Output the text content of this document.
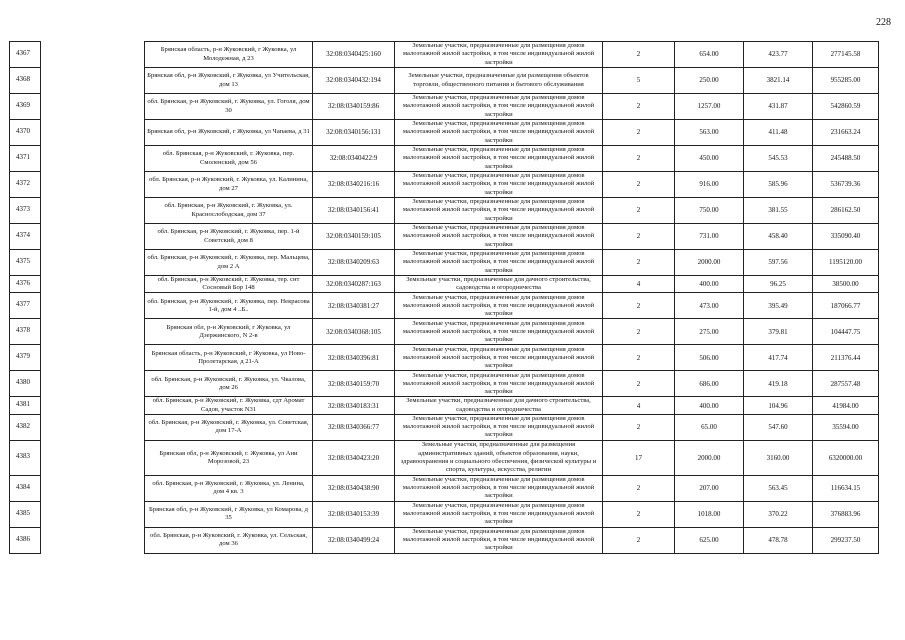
228
4367		Брянская область, р-н Жуковский, г Жуковка, ул Молодежная, д 23	32:08:0340425:160	Земельные участки, предназначенные для размещения домов малоэтажной жилой застройки, в том числе индивидуальной жилой застройки	2	654.00	423.77	277145.58

4368		Брянская обл, р-н Жуковский, г Жуковка, ул Учительская, дом 13	32:08:0340432:194	Земельные участки, предназначенные для размещения объектов торговли, общественного питания и бытового обслуживания	5	250.00	3821.14	955285.00

4369		обл. Брянская, р-н Жуковский, г. Жуковка, ул. Гоголя, дом 30	32:08:0340159:86	Земельные участки, предназначенные для размещения домов малоэтажной жилой застройки, в том числе индивидуальной жилой застройки	2	1257.00	431.87	542860.59

4370		Брянская обл, р-н Жуковский, г Жуковка, ул Чапаева, д 31	32:08:0340156:131	Земельные участки, предназначенные для размещения домов малоэтажной жилой застройки, в том числе индивидуальной жилой застройки	2	563.00	411.48	231663.24

4371		обл. Брянская, р-н Жуковский, г. Жуковка, пер. Смоленский, дом 56	32:08:0340422:9	Земельные участки, предназначенные для размещения домов малоэтажной жилой застройки, в том числе индивидуальной жилой застройки	2	450.00	545.53	245488.50

4372		обл. Брянская, р-н Жуковский, г. Жуковка, ул. Калинина, дом 27	32:08:0340216:16	Земельные участки, предназначенные для размещения домов малоэтажной жилой застройки, в том числе индивидуальной жилой застройки	2	916.00	585.96	536739.36

4373		обл. Брянская, р-н Жуковский, г. Жуковка, ул. Краснослободская, дом 37	32:08:0340156:41	Земельные участки, предназначенные для размещения домов малоэтажной жилой застройки, в том числе индивидуальной жилой застройки	2	750.00	381.55	286162.50

4374		обл. Брянская, р-н Жуковский, г. Жуковка, пер. 1-й Советский, дом 8	32:08:0340159:105	Земельные участки, предназначенные для размещения домов малоэтажной жилой застройки, в том числе индивидуальной жилой застройки	2	731.00	458.40	335090.40

4375		обл. Брянская, р-н Жуковский, г. Жуковка, пер. Мальцева, дом 2 А	32:08:0340209:63	Земельные участки, предназначенные для размещения домов малоэтажной жилой застройки, в том числе индивидуальной жилой застройки	2	2000.00	597.56	1195120.00

4376		обл. Брянская, р-н Жуковский, г. Жуковка, тер. снт Сосновый Бор 148	32:08:0340287:163	Земельные участки, предназначенные для дачного строительства, садоводства и огородничества	4	400.00	96.25	38500.00

4377		обл. Брянская, р-н Жуковский, г. Жуковка, пер. Некрасова 1-й, дом 4 ..Б..	32:08:0340381:27	Земельные участки, предназначенные для размещения домов малоэтажной жилой застройки, в том числе индивидуальной жилой застройки	2	473.00	395.49	187066.77

4378		Брянская обл, р-н Жуковский, г Жуковка, ул Дзержинского, N 2-в	32:08:0340368:105	Земельные участки, предназначенные для размещения домов малоэтажной жилой застройки, в том числе индивидуальной жилой застройки	2	275.00	379.81	104447.75

4379		Брянская область, р-н Жуковский, г Жуковка, ул Ново-Пролетарская, д 21-А	32:08:0340396:81	Земельные участки, предназначенные для размещения домов малоэтажной жилой застройки, в том числе индивидуальной жилой застройки	2	506.00	417.74	211376.44

4380		обл. Брянская, р-н Жуковский, г. Жуковка, ул. Чкалова, дом 26	32:08:0340159:70	Земельные участки, предназначенные для размещения домов малоэтажной жилой застройки, в том числе индивидуальной жилой застройки	2	686.00	419.18	287557.48

4381		обл. Брянская, р-н Жуковский, г. Жуковка, сдт Аромат Садов, участок N31	32:08:0340183:31	Земельные участки, предназначенные для дачного строительства, садоводства и огородничества	4	400.00	104.96	41984.00

4382		обл. Брянская, р-н Жуковский, г. Жуковка, ул. Советская, дом 17-А	32:08:0340366:77	Земельные участки, предназначенные для размещения домов малоэтажной жилой застройки, в том числе индивидуальной жилой застройки	2	65.00	547.60	35594.00

4383		Брянская обл, р-н Жуковский, г. Жуковка, ул Ани Морозовой, 23	32:08:0340423:20	Земельные участки, предназначенные для размещения административных зданий, объектов образования, науки, здравоохранения и социального обеспечения, физической культуры и спорта, культуры, искусства, религии	17	2000.00	3160.00	6320000.00

4384		обл. Брянская, р-н Жуковский, г. Жуковка, ул. Ленина, дом 4 кв. 3	32:08:0340438:90	Земельные участки, предназначенные для размещения домов малоэтажной жилой застройки, в том числе индивидуальной жилой застройки	2	207.00	563.45	116634.15

4385		Брянская обл, р-н Жуковский, г Жуковка, ул Комарова, д 35	32:08:0340153:39	Земельные участки, предназначенные для размещения домов малоэтажной жилой застройки, в том числе индивидуальной жилой застройки	2	1018.00	370.22	376883.96

4386		обл. Брянская, р-н Жуковский, г. Жуковка, ул. Сельская, дом 36	32:08:0340499:24	Земельные участки, предназначенные для размещения домов малоэтажной жилой застройки, в том числе индивидуальной жилой застройки	2	625.00	478.78	299237.50
